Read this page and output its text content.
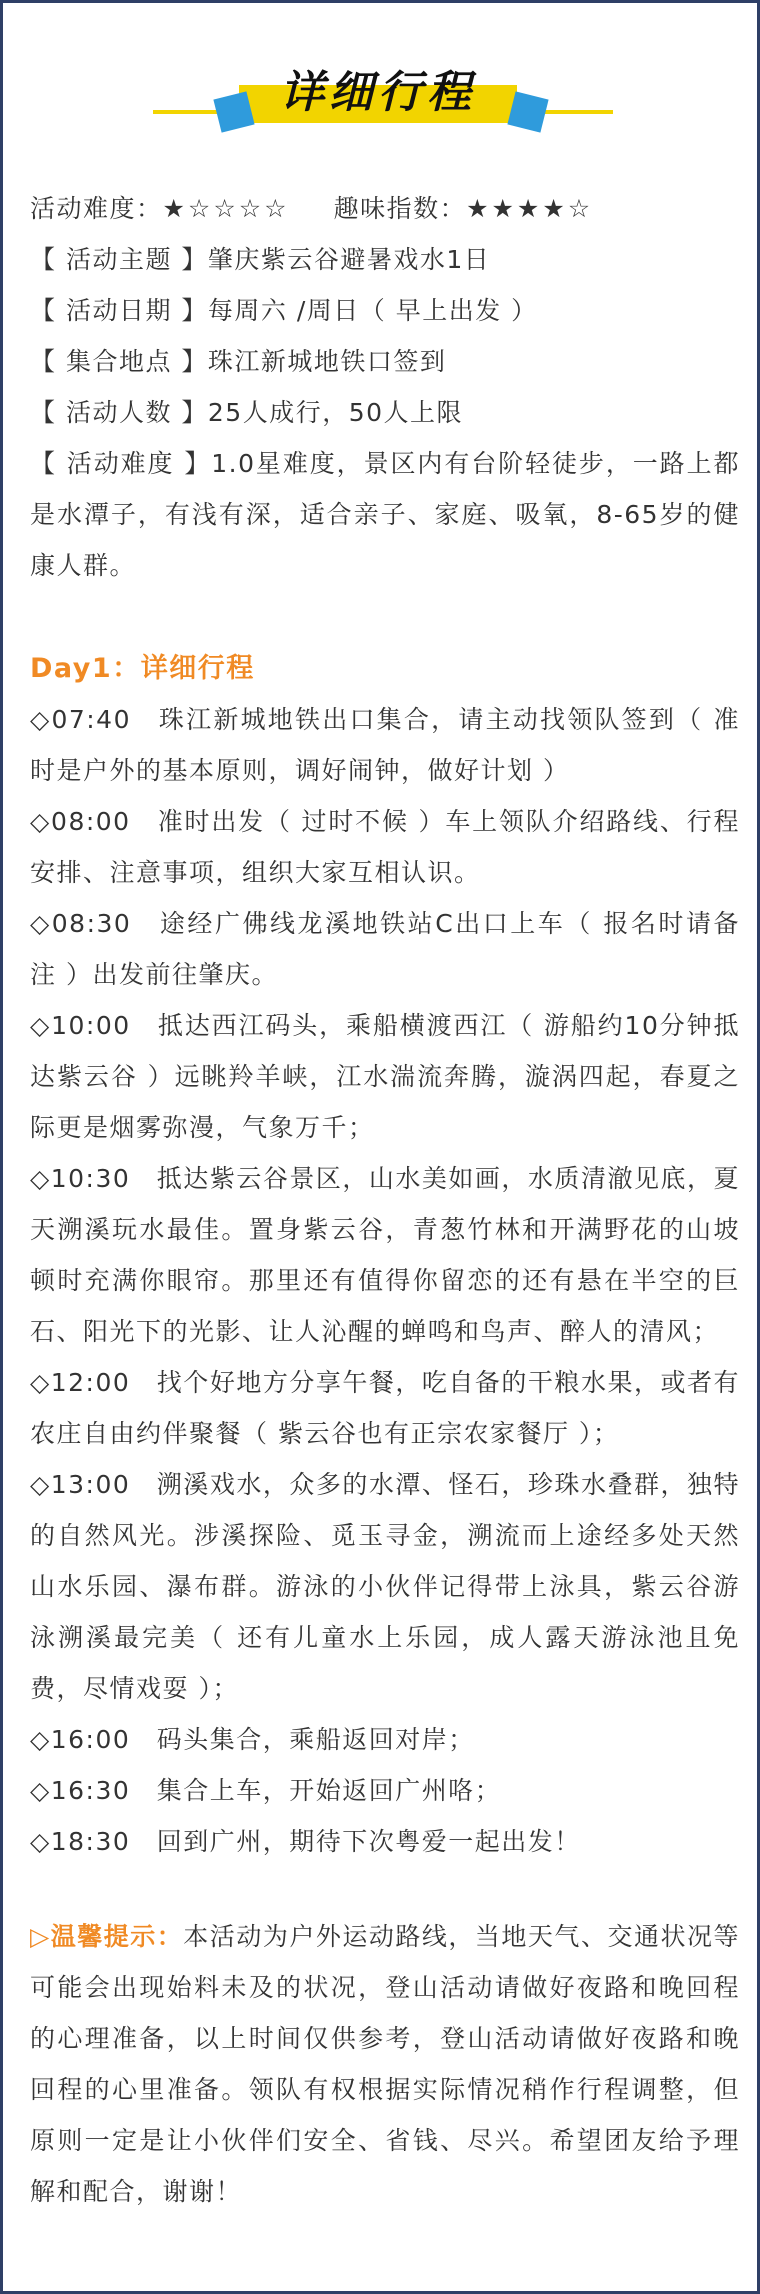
详细行程
活动难度：★☆☆☆☆ 趣味指数：★★★★☆
【 活动主题 】肇庆紫云谷避暑戏水1日
【 活动日期 】每周六 /周日（ 早上出发 ）
【 集合地点 】珠江新城地铁口签到
【 活动人数 】25人成行，50人上限
【 活动难度 】1.0星难度，景区内有台阶轻徒步，一路上都是水潭子，有浅有深，适合亲子、家庭、吸氧，8-65岁的健康人群。
Day1：详细行程
◇07:40　珠江新城地铁出口集合，请主动找领队签到（ 准时是户外的基本原则，调好闹钟，做好计划 ）
◇08:00　准时出发（ 过时不候 ）车上领队介绍路线、行程安排、注意事项，组织大家互相认识。
◇08:30　途经广佛线龙溪地铁站C出口上车（ 报名时请备注 ）出发前往肇庆。
◇10:00　抵达西江码头，乘船横渡西江（ 游船约10分钟抵达紫云谷 ）远眺羚羊峡，江水湍流奔腾，漩涡四起，春夏之际更是烟雾弥漫，气象万千；
◇10:30　抵达紫云谷景区，山水美如画，水质清澈见底，夏天溯溪玩水最佳。置身紫云谷，青葱竹林和开满野花的山坡顿时充满你眼帘。那里还有值得你留恋的还有悬在半空的巨石、阳光下的光影、让人沁醒的蝉鸣和鸟声、醉人的清风；
◇12:00　找个好地方分享午餐，吃自备的干粮水果，或者有农庄自由约伴聚餐（ 紫云谷也有正宗农家餐厅 ）；
◇13:00　溯溪戏水，众多的水潭、怪石，珍珠水叠群，独特的自然风光。涉溪探险、觅玉寻金，溯流而上途经多处天然山水乐园、瀑布群。游泳的小伙伴记得带上泳具，紫云谷游泳溯溪最完美（ 还有儿童水上乐园，成人露天游泳池且免费，尽情戏耍 ）；
◇16:00　码头集合，乘船返回对岸；
◇16:30　集合上车，开始返回广州咯；
◇18:30　回到广州，期待下次粤爱一起出发！
▷温馨提示：本活动为户外运动路线，当地天气、交通状况等可能会出现始料未及的状况，登山活动请做好夜路和晚回程的心理准备，以上时间仅供参考，登山活动请做好夜路和晚回程的心里准备。领队有权根据实际情况稍作行程调整，但原则一定是让小伙伴们安全、省钱、尽兴。希望团友给予理解和配合，谢谢！
